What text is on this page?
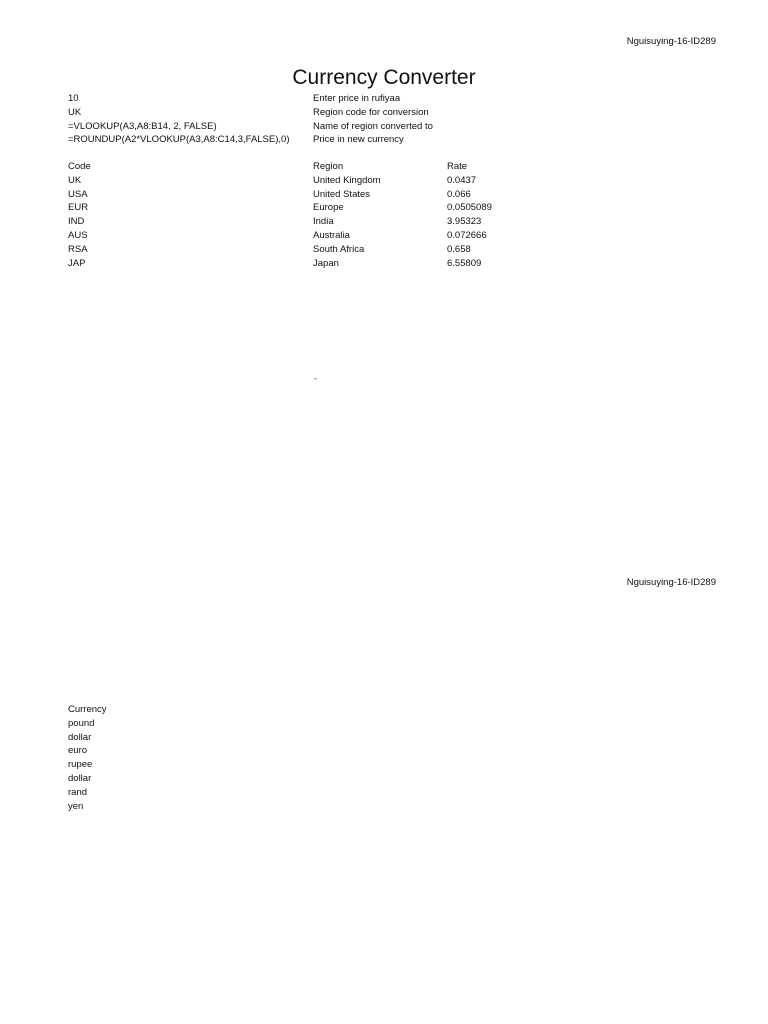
Nguisuying-16-ID289
Currency Converter
10
UK
=VLOOKUP(A3,A8:B14, 2, FALSE)
=ROUNDUP(A2*VLOOKUP(A3,A8:C14,3,FALSE),0)
Enter price in rufiyaa
Region code for conversion
Name of region converted to
Price in new currency
Code
UK
USA
EUR
IND
AUS
RSA
JAP
Region
United Kingdom
United States
Europe
India
Australia
South Africa
Japan
Rate
0.0437
0.066
0.0505089
3.95323
0.072666
0.658
6.55809
`
Nguisuying-16-ID289
Currency
pound
dollar
euro
rupee
dollar
rand
yen
